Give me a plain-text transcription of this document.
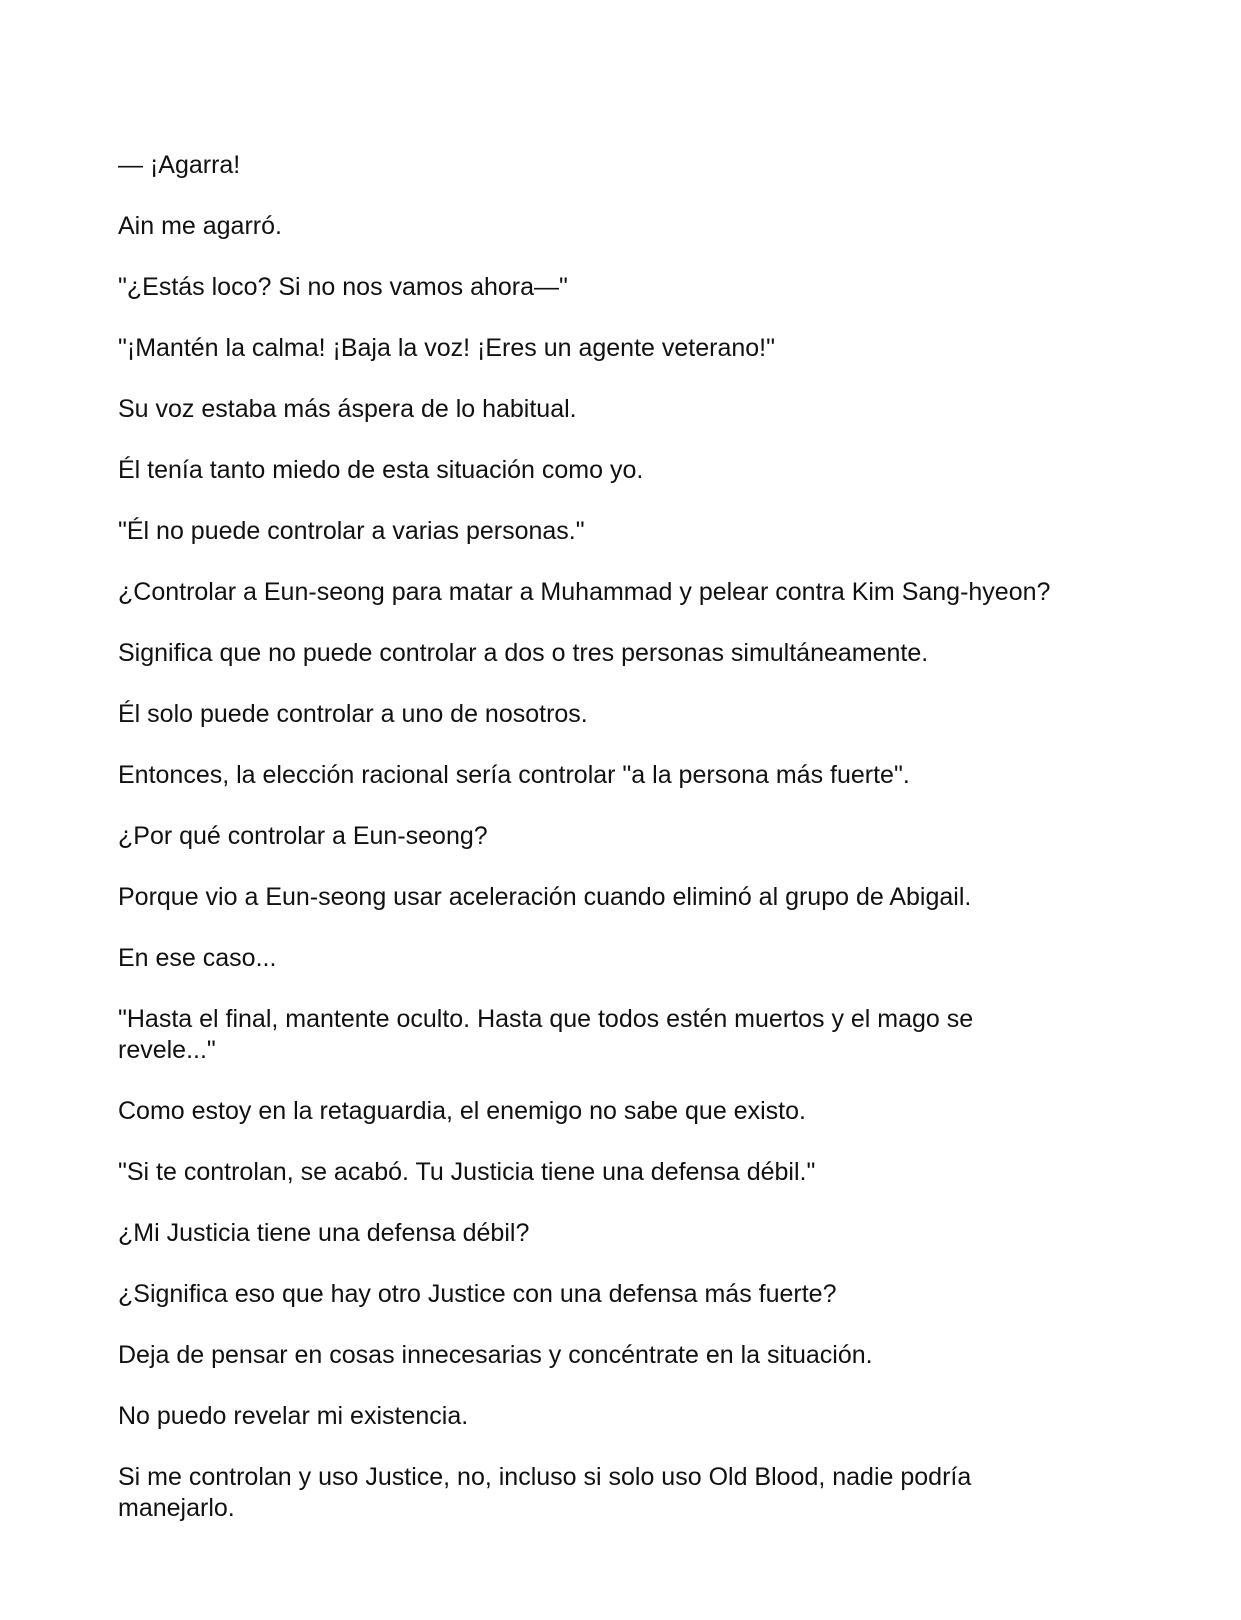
— ¡Agarra!

Ain me agarró.

"¿Estás loco? Si no nos vamos ahora—"

"¡Mantén la calma! ¡Baja la voz! ¡Eres un agente veterano!"

Su voz estaba más áspera de lo habitual.

Él tenía tanto miedo de esta situación como yo.

"Él no puede controlar a varias personas."

¿Controlar a Eun-seong para matar a Muhammad y pelear contra Kim Sang-hyeon?

Significa que no puede controlar a dos o tres personas simultáneamente.

Él solo puede controlar a uno de nosotros.

Entonces, la elección racional sería controlar "a la persona más fuerte".

¿Por qué controlar a Eun-seong?

Porque vio a Eun-seong usar aceleración cuando eliminó al grupo de Abigail.

En ese caso...

"Hasta el final, mantente oculto. Hasta que todos estén muertos y el mago se revele..."

Como estoy en la retaguardia, el enemigo no sabe que existo.

"Si te controlan, se acabó. Tu Justicia tiene una defensa débil."

¿Mi Justicia tiene una defensa débil?

¿Significa eso que hay otro Justice con una defensa más fuerte?

Deja de pensar en cosas innecesarias y concéntrate en la situación.

No puedo revelar mi existencia.

Si me controlan y uso Justice, no, incluso si solo uso Old Blood, nadie podría manejarlo.
